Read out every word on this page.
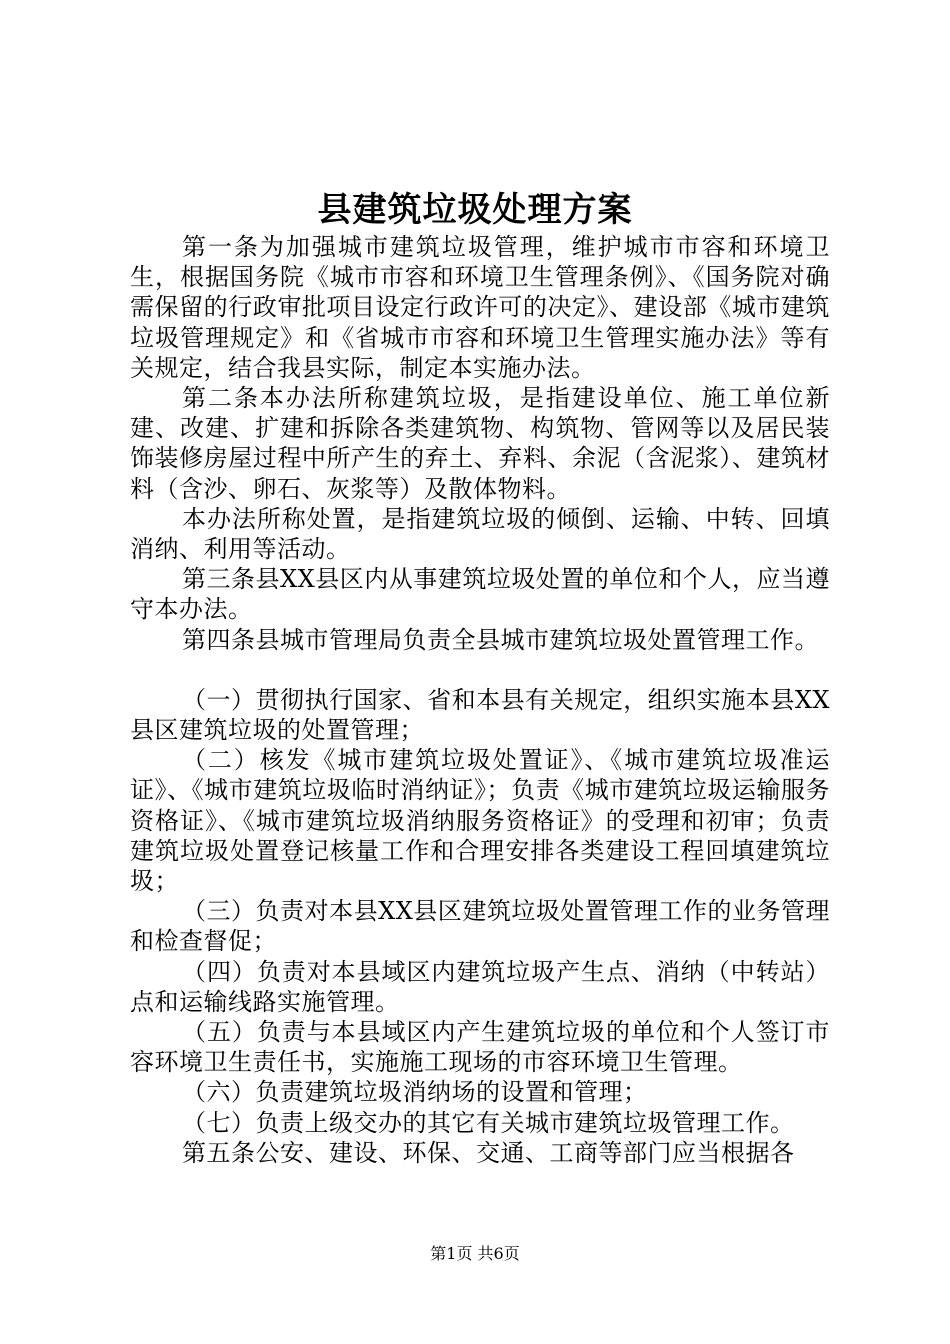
县建筑垃圾处理方案

第一条为加强城市建筑垃圾管理，维护城市市容和环境卫生，根据国务院《城市市容和环境卫生管理条例》、《国务院对确需保留的行政审批项目设定行政许可的决定》、建设部《城市建筑垃圾管理规定》和《省城市市容和环境卫生管理实施办法》等有关规定，结合我县实际，制定本实施办法。

第二条本办法所称建筑垃圾，是指建设单位、施工单位新建、改建、扩建和拆除各类建筑物、构筑物、管网等以及居民装饰装修房屋过程中所产生的弃土、弃料、余泥（含泥浆）、建筑材料（含沙、卵石、灰浆等）及散体物料。

本办法所称处置，是指建筑垃圾的倾倒、运输、中转、回填消纳、利用等活动。

第三条县XX县区内从事建筑垃圾处置的单位和个人，应当遵守本办法。

第四条县城市管理局负责全县城市建筑垃圾处置管理工作。

（一）贯彻执行国家、省和本县有关规定，组织实施本县XX县区建筑垃圾的处置管理；

（二）核发《城市建筑垃圾处置证》、《城市建筑垃圾准运证》、《城市建筑垃圾临时消纳证》；负责《城市建筑垃圾运输服务资格证》、《城市建筑垃圾消纳服务资格证》的受理和初审；负责建筑垃圾处置登记核量工作和合理安排各类建设工程回填建筑垃圾；

（三）负责对本县XX县区建筑垃圾处置管理工作的业务管理和检查督促；

（四）负责对本县域区内建筑垃圾产生点、消纳（中转站）点和运输线路实施管理。

（五）负责与本县域区内产生建筑垃圾的单位和个人签订市容环境卫生责任书，实施施工现场的市容环境卫生管理。

（六）负责建筑垃圾消纳场的设置和管理；

（七）负责上级交办的其它有关城市建筑垃圾管理工作。

第五条公安、建设、环保、交通、工商等部门应当根据各

第1页 共6页
